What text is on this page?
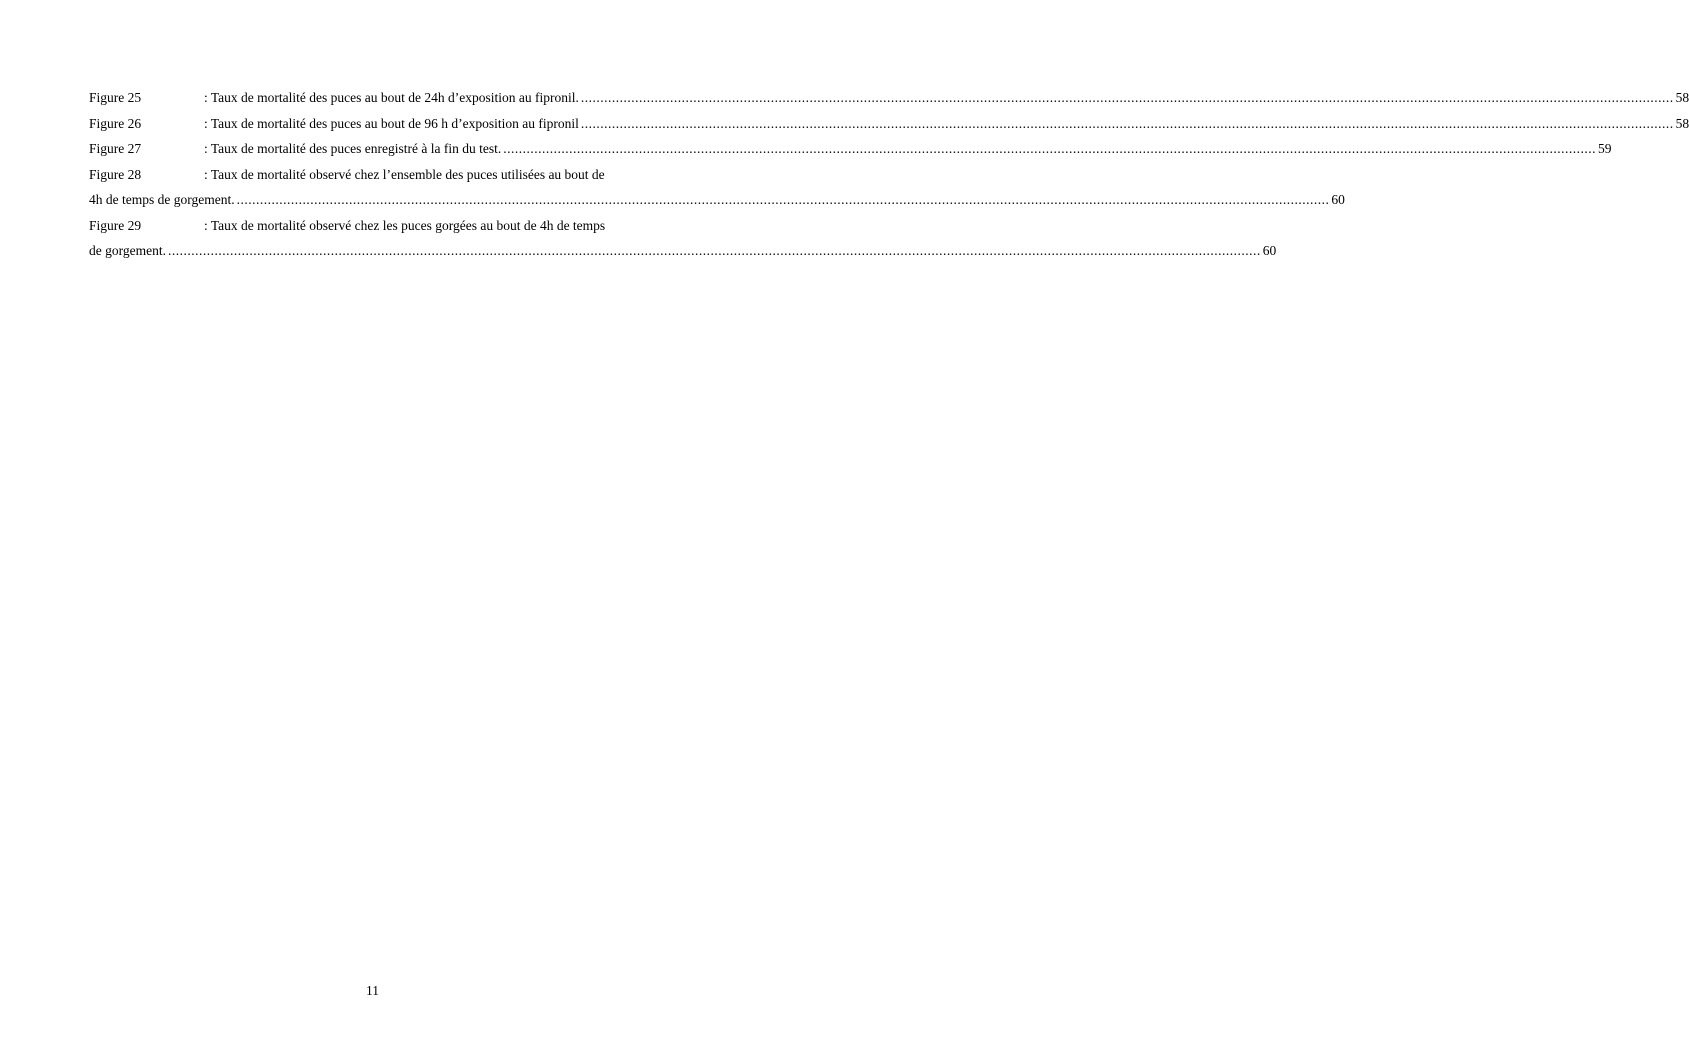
Figure 25	: Taux de mortalité des puces au bout de 24h d’exposition au fipronil. .....	58
Figure 26	: Taux de mortalité des puces au bout de 96 h d’exposition au fipronil .....	58
Figure 27	: Taux de mortalité des puces enregistré à la fin du test. .....	59
Figure 28	: Taux de mortalité observé chez l’ensemble des puces utilisées au bout de
4h de temps de gorgement. .....	60
Figure 29	: Taux de mortalité observé chez les puces gorgées au bout de 4h de temps
de gorgement. .....	60
11
